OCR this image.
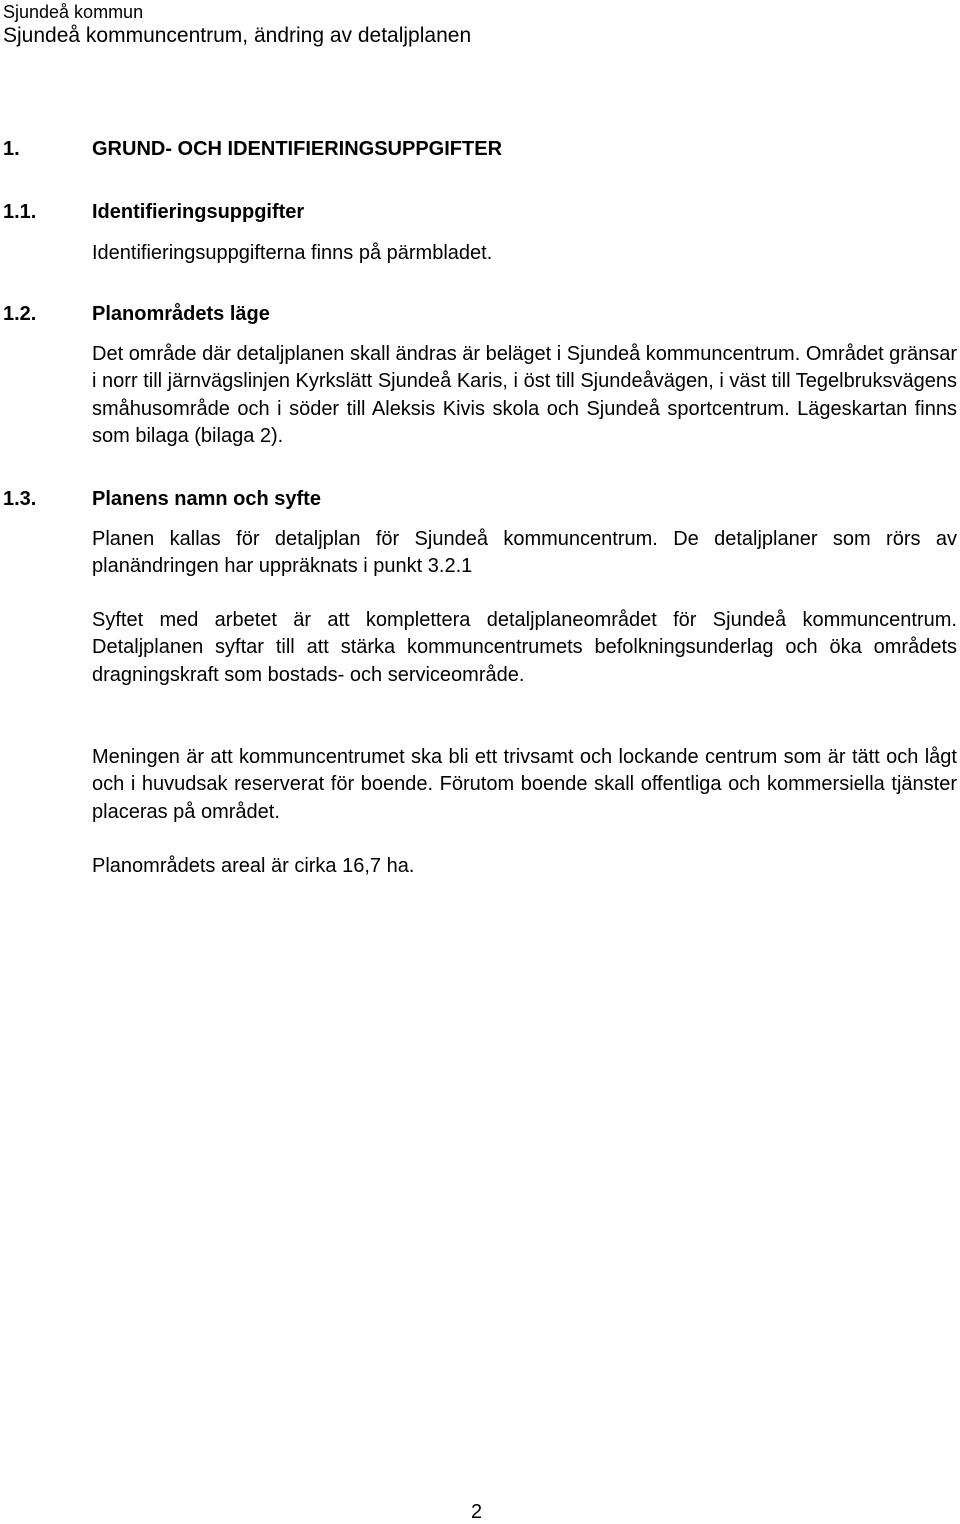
Sjundeå kommun
Sjundeå kommuncentrum, ändring av detaljplanen
1.	GRUND- OCH IDENTIFIERINGSUPPGIFTER
1.1.	Identifieringsuppgifter
Identifieringsuppgifterna finns på pärmbladet.
1.2.	Planområdets läge

Det område där detaljplanen skall ändras är beläget i Sjundeå kommuncentrum. Området gränsar i norr till järnvägslinjen Kyrkslätt Sjundeå Karis, i öst till Sjundeåvägen, i väst till Tegelbruksvägens småhusområde och i söder till Aleksis Kivis skola och Sjundeå sportcentrum. Lägeskartan finns som bilaga (bilaga 2).

1.3.	Planens namn och syfte

Planen kallas för detaljplan för Sjundeå kommuncentrum. De detaljplaner som rörs av planändringen har uppräknats i punkt 3.2.1

Syftet med arbetet är att komplettera detaljplaneområdet för Sjundeå kommuncentrum. Detaljplanen syftar till att stärka kommuncentrumets befolkningsunderlag och öka områdets dragningskraft som bostads- och serviceområde.

Meningen är att kommuncentrumet ska bli ett trivsamt och lockande centrum som är tätt och lågt och i huvudsak reserverat för boende. Förutom boende skall offentliga och kommersiella tjänster placeras på området.

Planområdets areal är cirka 16,7 ha.

2
